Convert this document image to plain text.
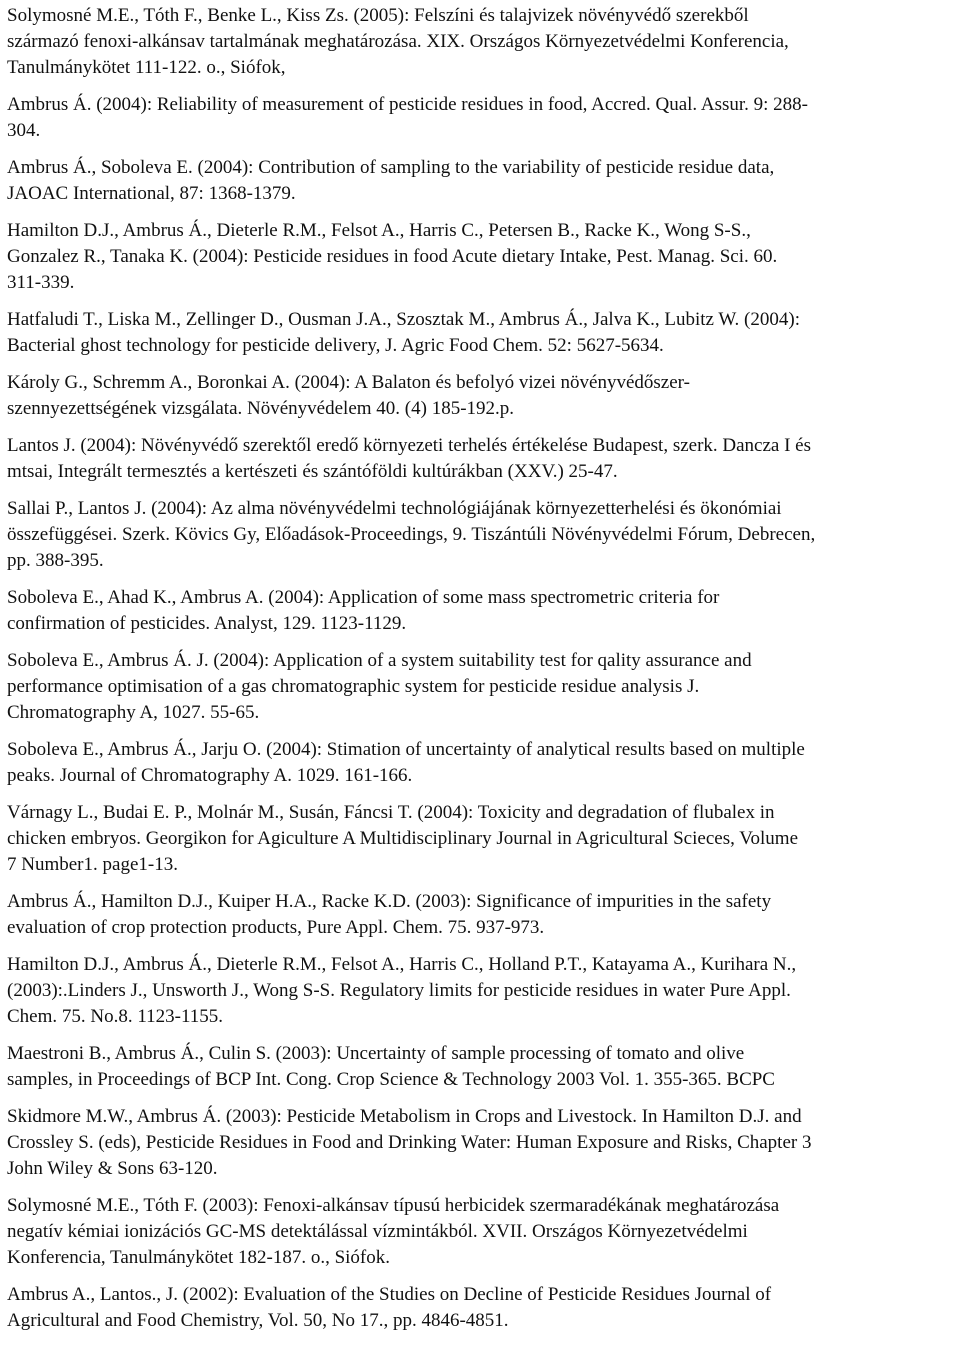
Solymosné M.E., Tóth F., Benke L., Kiss Zs. (2005): Felszíni és talajvizek növényvédő szerekből
származó fenoxi-alkánsav tartalmának meghatározása. XIX. Országos Környezetvédelmi Konferencia,
Tanulmánykötet 111-122. o., Siófok,
Ambrus Á. (2004): Reliability of measurement of pesticide residues in food, Accred. Qual. Assur. 9: 288-
304.
Ambrus Á., Soboleva E. (2004): Contribution of sampling to the variability of pesticide residue data,
JAOAC International, 87: 1368-1379.
Hamilton D.J., Ambrus Á., Dieterle R.M., Felsot A., Harris C., Petersen B., Racke K., Wong S-S.,
Gonzalez R., Tanaka K. (2004): Pesticide residues in food Acute dietary Intake, Pest. Manag. Sci. 60.
311-339.
Hatfaludi T., Liska M., Zellinger D., Ousman J.A., Szosztak M., Ambrus Á., Jalva K., Lubitz W. (2004):
Bacterial ghost technology for pesticide delivery, J. Agric Food Chem. 52: 5627-5634.
Károly G., Schremm A., Boronkai A. (2004): A Balaton és befolyó vizei növényvédőszer-
szennyezettségének vizsgálata. Növényvédelem 40. (4) 185-192.p.
Lantos J. (2004): Növényvédő szerektől eredő környezeti terhelés értékelése Budapest, szerk. Dancza I és
mtsai, Integrált termesztés a kertészeti és szántóföldi kultúrákban (XXV.) 25-47.
Sallai P., Lantos J. (2004): Az alma növényvédelmi technológiájának környezetterhelési és ökonómiai
összefüggései. Szerk. Kövics Gy, Előadások-Proceedings, 9. Tiszántúli Növényvédelmi Fórum, Debrecen,
pp. 388-395.
Soboleva E., Ahad K., Ambrus A. (2004): Application of some mass spectrometric criteria for
confirmation of pesticides. Analyst, 129. 1123-1129.
Soboleva E., Ambrus Á. J. (2004): Application of a system suitability test for qality assurance and
performance optimisation of a gas chromatographic system for pesticide residue analysis J.
Chromatography A, 1027. 55-65.
Soboleva E., Ambrus Á., Jarju O. (2004): Stimation of uncertainty of analytical results based on multiple
peaks. Journal of Chromatography A. 1029. 161-166.
Várnagy L., Budai E. P., Molnár M., Susán, Fáncsi T. (2004): Toxicity and degradation of flubalex in
chicken embryos. Georgikon for Agiculture A Multidisciplinary Journal in Agricultural Scieces, Volume
7 Number1. page1-13.
Ambrus Á., Hamilton D.J., Kuiper H.A., Racke K.D. (2003): Significance of impurities in the safety
evaluation of crop protection products, Pure Appl. Chem. 75. 937-973.
Hamilton D.J., Ambrus Á., Dieterle R.M., Felsot A., Harris C., Holland P.T., Katayama A., Kurihara N.,
(2003):.Linders J., Unsworth J., Wong S-S. Regulatory limits for pesticide residues in water Pure Appl.
Chem. 75. No.8. 1123-1155.
Maestroni B., Ambrus Á., Culin S. (2003): Uncertainty of sample processing of tomato and olive
samples, in Proceedings of BCP Int. Cong. Crop Science & Technology 2003 Vol. 1. 355-365. BCPC
Skidmore M.W., Ambrus Á. (2003): Pesticide Metabolism in Crops and Livestock. In Hamilton D.J. and
Crossley S. (eds), Pesticide Residues in Food and Drinking Water: Human Exposure and Risks, Chapter 3
John Wiley & Sons 63-120.
Solymosné M.E., Tóth F. (2003): Fenoxi-alkánsav típusú herbicidek szermaradékának meghatározása
negatív kémiai ionizációs GC-MS detektálással vízmintákból. XVII. Országos Környezetvédelmi
Konferencia, Tanulmánykötet 182-187. o., Siófok.
Ambrus A., Lantos., J. (2002): Evaluation of the Studies on Decline of Pesticide Residues Journal of
Agricultural and Food Chemistry, Vol. 50, No 17., pp. 4846-4851.
